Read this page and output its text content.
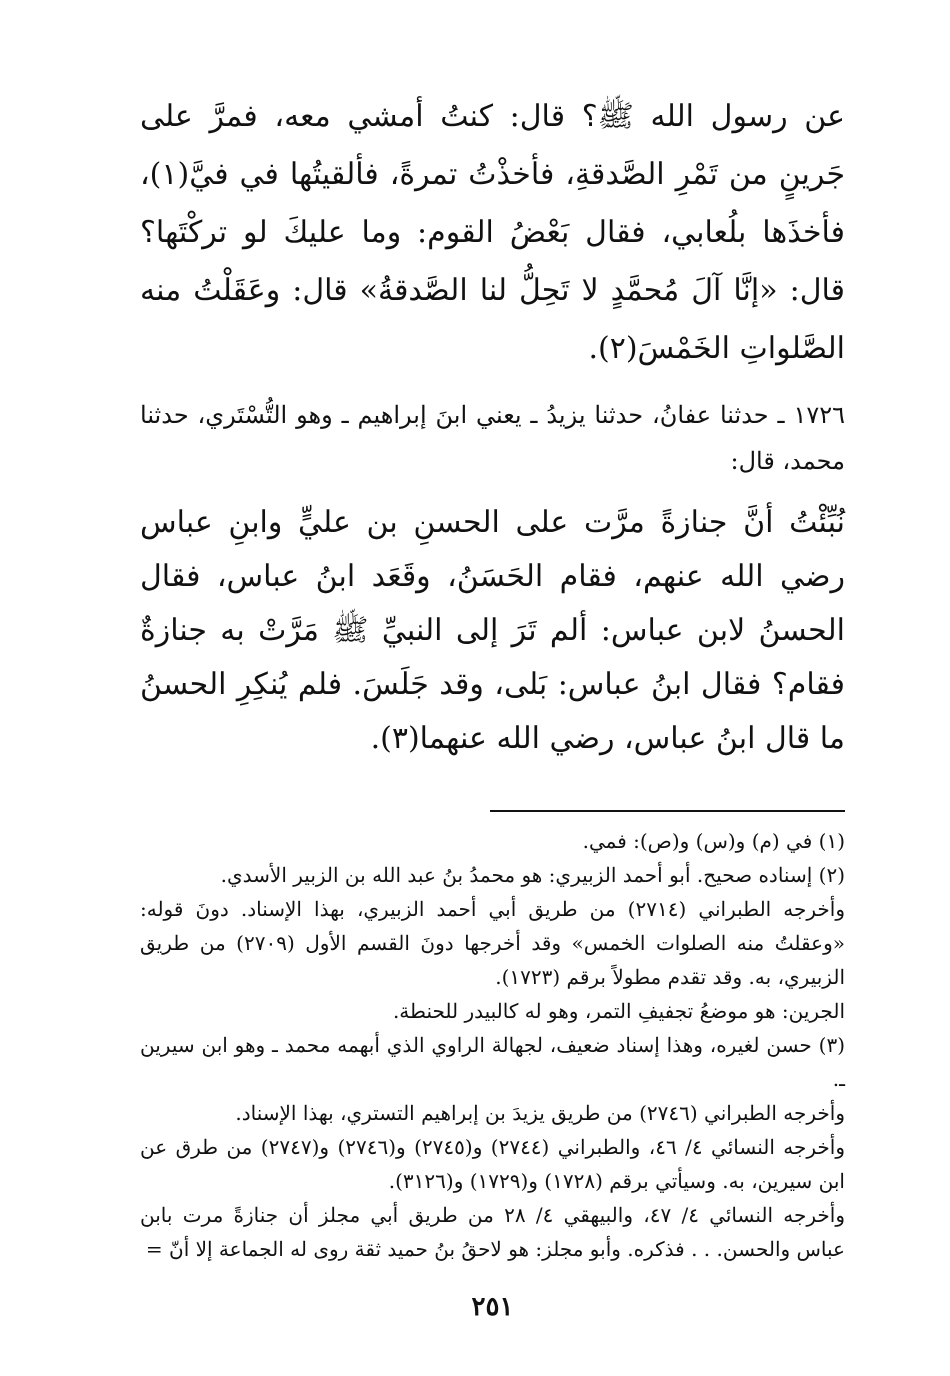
عن رسول الله ﷺ؟ قال: كنتُ أمشي معه، فمرَّ على جَرينٍ من تَمْرِ الصَّدقةِ، فأخذْتُ تمرةً، فألقيتُها في فيَّ(١)، فأخذَها بلُعابي، فقال بَعْضُ القوم: وما عليكَ لو تركْتَها؟ قال: «إنَّا آلَ مُحمَّدٍ لا تَحِلُّ لنا الصَّدقةُ» قال: وعَقَلْتُ منه الصَّلواتِ الخَمْسَ(٢).

١٧٢٦ ـ حدثنا عفانُ، حدثنا يزيدُ ـ يعني ابنَ إبراهيم ـ وهو التُّسْتَري، حدثنا محمد، قال:

نُبِّئْتُ أنَّ جنازةً مرَّت على الحسنِ بن عليٍّ وابنِ عباس رضي الله عنهم، فقام الحَسَنُ، وقَعَد ابنُ عباس، فقال الحسنُ لابن عباس: ألم تَرَ إلى النبيِّ ﷺ مَرَّتْ به جنازةٌ فقام؟ فقال ابنُ عباس: بَلى، وقد جَلَسَ. فلم يُنكِرِ الحسنُ ما قال ابنُ عباس، رضي الله عنهما(٣).

(١) في (م) و(س) و(ص): فمي.

(٢) إسناده صحيح. أبو أحمد الزبيري: هو محمدُ بنُ عبد الله بن الزبير الأسدي.

وأخرجه الطبراني (٢٧١٤) من طريق أبي أحمد الزبيري، بهذا الإسناد. دونَ قوله: «وعقلتُ منه الصلوات الخمس» وقد أخرجها دونَ القسم الأول (٢٧٠٩) من طريق الزبيري، به. وقد تقدم مطولاً برقم (١٧٢٣).

الجرين: هو موضعُ تجفيفِ التمر، وهو له كالبيدر للحنطة.

(٣) حسن لغيره، وهذا إسناد ضعيف، لجهالة الراوي الذي أبهمه محمد ـ وهو ابن سيرين ـ.

وأخرجه الطبراني (٢٧٤٦) من طريق يزيدَ بن إبراهيم التستري، بهذا الإسناد.

وأخرجه النسائي ٤/ ٤٦، والطبراني (٢٧٤٤) و(٢٧٤٥) و(٢٧٤٦) و(٢٧٤٧) من طرق عن ابن سيرين، به. وسيأتي برقم (١٧٢٨) و(١٧٢٩) و(٣١٢٦).

وأخرجه النسائي ٤/ ٤٧، والبيهقي ٤/ ٢٨ من طريق أبي مجلز أن جنازةً مرت بابن عباس والحسن. . . فذكره. وأبو مجلز: هو لاحقُ بنُ حميد ثقة روى له الجماعة إلا أنّ =

٢٥١
